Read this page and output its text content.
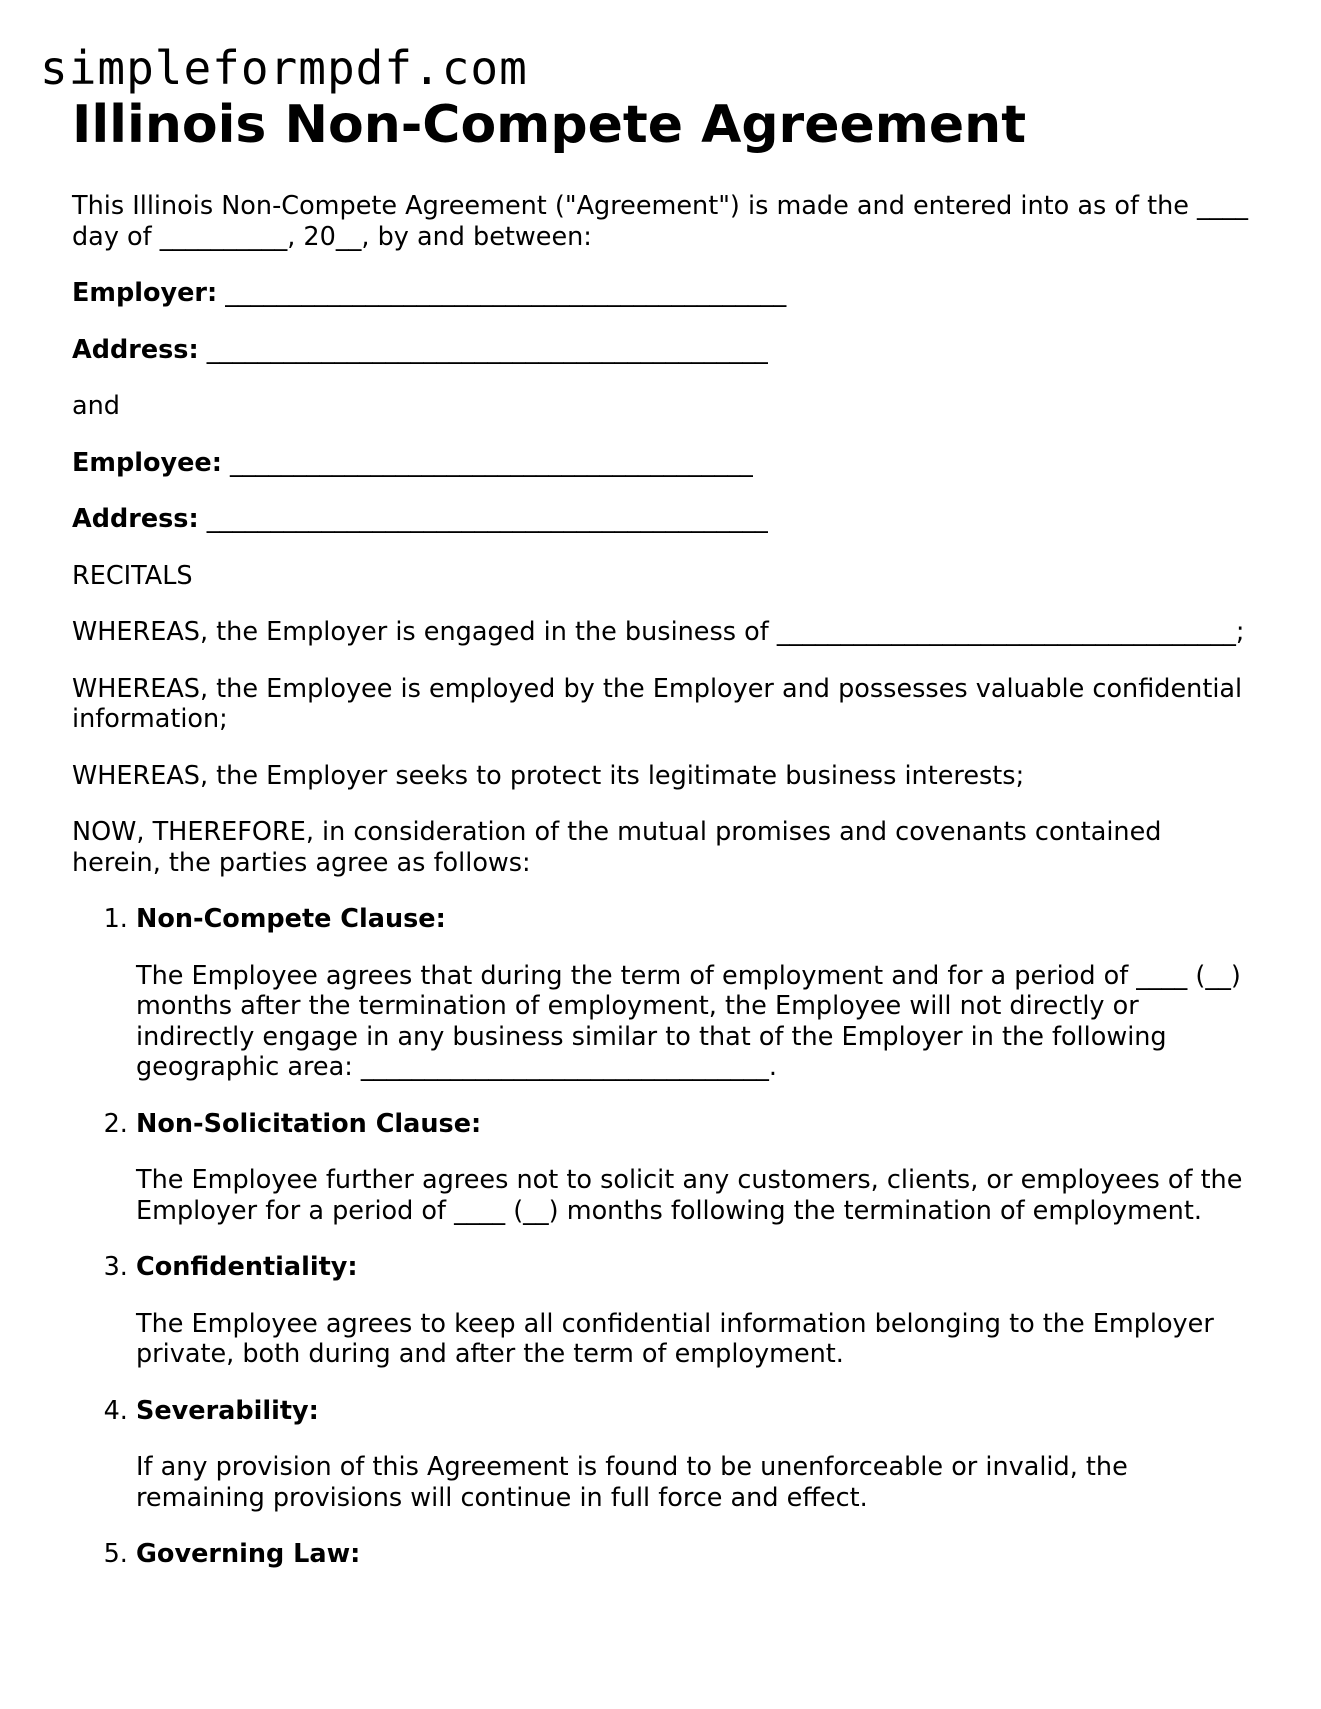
simpleformpdf.com
Illinois Non-Compete Agreement

This Illinois Non-Compete Agreement ("Agreement") is made and entered into as of the ____ day of __________, 20__, by and between:

Employer: ____________________________________________

Address: ____________________________________________

and

Employee: _________________________________________

Address: ____________________________________________

RECITALS

WHEREAS, the Employer is engaged in the business of ____________________________________;

WHEREAS, the Employee is employed by the Employer and possesses valuable confidential information;

WHEREAS, the Employer seeks to protect its legitimate business interests;

NOW, THEREFORE, in consideration of the mutual promises and covenants contained herein, the parties agree as follows:

1. Non-Compete Clause:
The Employee agrees that during the term of employment and for a period of ____ (__) months after the termination of employment, the Employee will not directly or indirectly engage in any business similar to that of the Employer in the following geographic area: ________________________________.
2. Non-Solicitation Clause:
The Employee further agrees not to solicit any customers, clients, or employees of the Employer for a period of ____ (__) months following the termination of employment.
3. Confidentiality:
The Employee agrees to keep all confidential information belonging to the Employer private, both during and after the term of employment.
4. Severability:
If any provision of this Agreement is found to be unenforceable or invalid, the remaining provisions will continue in full force and effect.
5. Governing Law:
